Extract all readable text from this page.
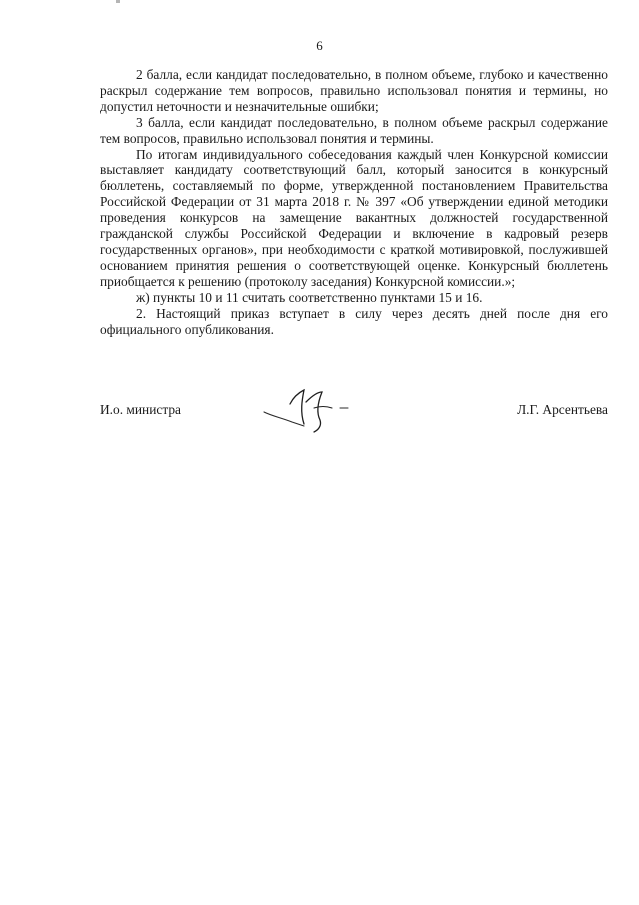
6

2 балла, если кандидат последовательно, в полном объеме, глубоко и качественно раскрыл содержание тем вопросов, правильно использовал понятия и термины, но допустил неточности и незначительные ошибки;

3 балла, если кандидат последовательно, в полном объеме раскрыл содержание тем вопросов, правильно использовал понятия и термины.

По итогам индивидуального собеседования каждый член Конкурсной комиссии выставляет кандидату соответствующий балл, который заносится в конкурсный бюллетень, составляемый по форме, утвержденной постановлением Правительства Российской Федерации от 31 марта 2018 г. № 397 «Об утверждении единой методики проведения конкурсов на замещение вакантных должностей государственной гражданской службы Российской Федерации и включение в кадровый резерв государственных органов», при необходимости с краткой мотивировкой, послужившей основанием принятия решения о соответствующей оценке. Конкурсный бюллетень приобщается к решению (протоколу заседания) Конкурсной комиссии.»;

ж) пункты 10 и 11 считать соответственно пунктами 15 и 16.

2. Настоящий приказ вступает в силу через десять дней после дня его официального опубликования.

И.о. министра	Л.Г. Арсентьева
